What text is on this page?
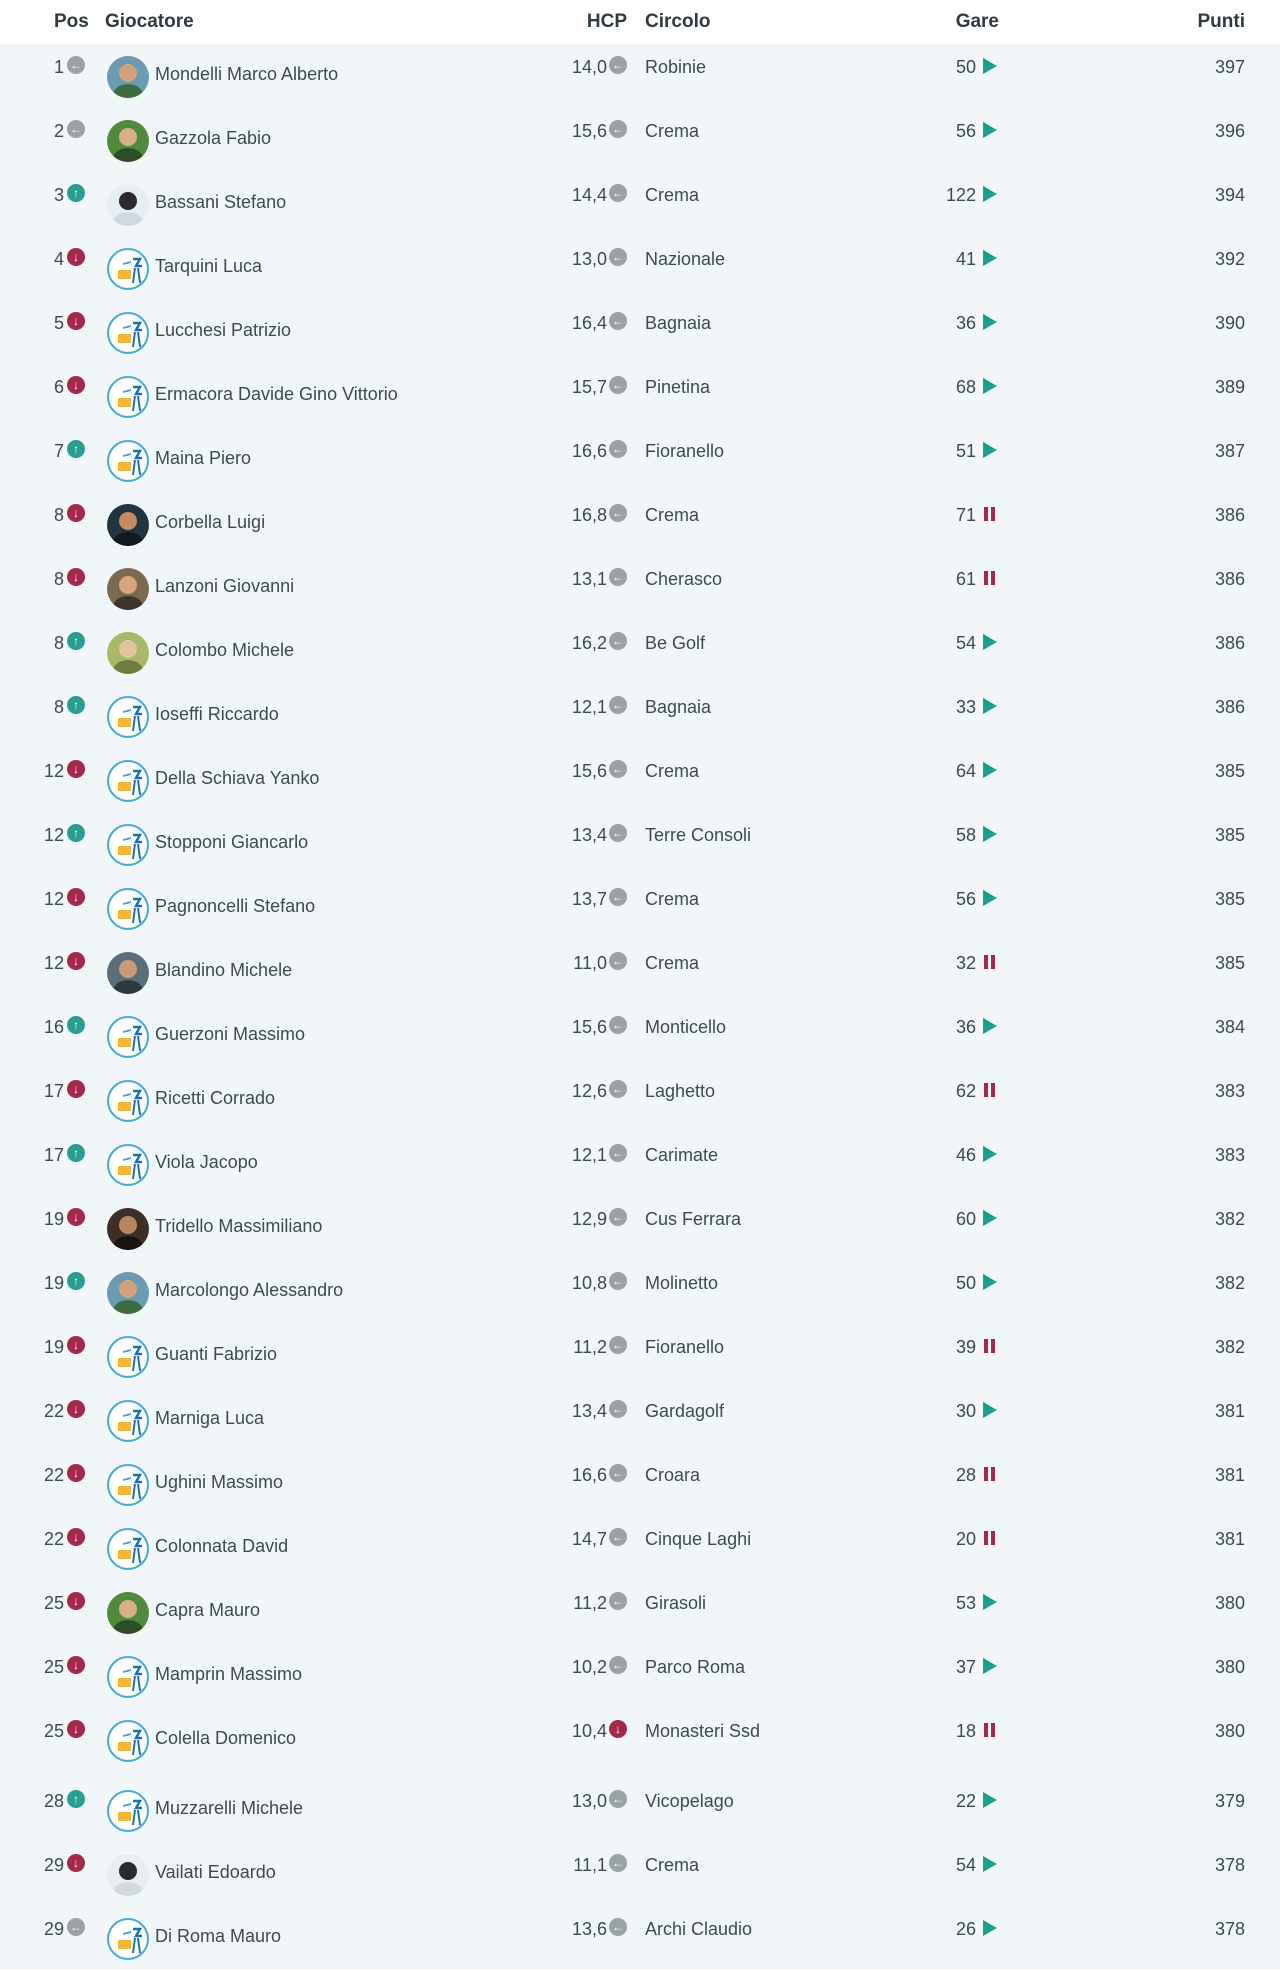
Pos Giocatore	HCP Circolo	Gare	Punti
1 ←	Mondelli Marco Alberto	14,0 ← Robinie	50	397
2 ←	Gazzola Fabio	15,6 ← Crema	56	396
3 ↑	Bassani Stefano	14,4 ← Crema	122	394
4 ↓	Tarquini Luca	13,0 ← Nazionale	41	392
5 ↓	Lucchesi Patrizio	16,4 ← Bagnaia	36	390
6 ↓	Ermacora Davide Gino Vittorio	15,7 ← Pinetina	68	389
7 ↑	Maina Piero	16,6 ← Fioranello	51	387
8 ↓	Corbella Luigi	16,8 ← Crema	71	386
8 ↓	Lanzoni Giovanni	13,1 ← Cherasco	61	386
8 ↑	Colombo Michele	16,2 ← Be Golf	54	386
8 ↑	Ioseffi Riccardo	12,1 ← Bagnaia	33	386
12 ↓	Della Schiava Yanko	15,6 ← Crema	64	385
12 ↑	Stopponi Giancarlo	13,4 ← Terre Consoli	58	385
12 ↓	Pagnoncelli Stefano	13,7 ← Crema	56	385
12 ↓	Blandino Michele	11,0 ← Crema	32	385
16 ↑	Guerzoni Massimo	15,6 ← Monticello	36	384
17 ↓	Ricetti Corrado	12,6 ← Laghetto	62	383
17 ↑	Viola Jacopo	12,1 ← Carimate	46	383
19 ↓	Tridello Massimiliano	12,9 ← Cus Ferrara	60	382
19 ↑	Marcolongo Alessandro	10,8 ← Molinetto	50	382
19 ↓	Guanti Fabrizio	11,2 ← Fioranello	39	382
22 ↓	Marniga Luca	13,4 ← Gardagolf	30	381
22 ↓	Ughini Massimo	16,6 ← Croara	28	381
22 ↓	Colonnata David	14,7 ← Cinque Laghi	20	381
25 ↓	Capra Mauro	11,2 ← Girasoli	53	380
25 ↓	Mamprin Massimo	10,2 ← Parco Roma	37	380
25 ↓	Colella Domenico	10,4 ↓	Monasteri Ssd	18	380
28 ↑	Muzzarelli Michele	13,0 ← Vicopelago	22	379
29 ↓	Vailati Edoardo	11,1 ← Crema	54	378
29 ←	Di Roma Mauro	13,6 ← Archi Claudio	26	378
